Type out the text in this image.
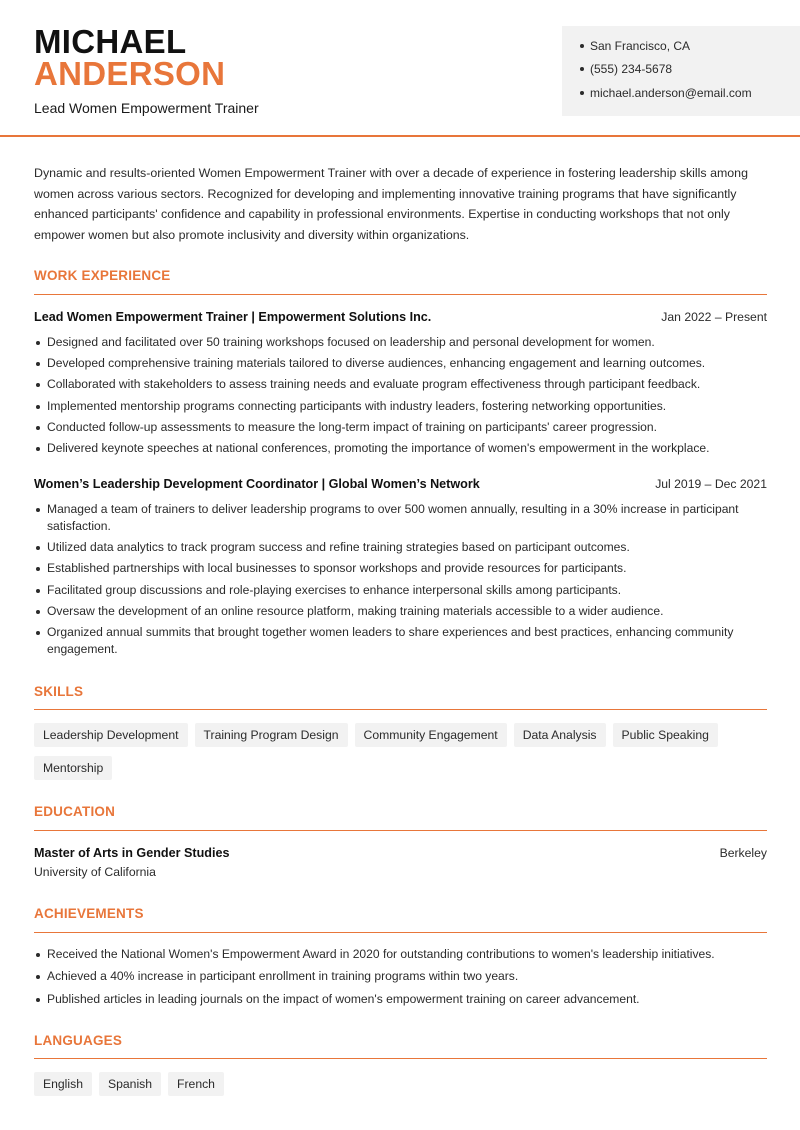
MICHAEL
ANDERSON
Lead Women Empowerment Trainer
San Francisco, CA
(555) 234-5678
michael.anderson@email.com

Dynamic and results-oriented Women Empowerment Trainer with over a decade of experience in fostering leadership skills among women across various sectors. Recognized for developing and implementing innovative training programs that have significantly enhanced participants' confidence and capability in professional environments. Expertise in conducting workshops that not only empower women but also promote inclusivity and diversity within organizations.

WORK EXPERIENCE
Lead Women Empowerment Trainer | Empowerment Solutions Inc.	Jan 2022 – Present
Designed and facilitated over 50 training workshops focused on leadership and personal development for women.
Developed comprehensive training materials tailored to diverse audiences, enhancing engagement and learning outcomes.
Collaborated with stakeholders to assess training needs and evaluate program effectiveness through participant feedback.
Implemented mentorship programs connecting participants with industry leaders, fostering networking opportunities.
Conducted follow-up assessments to measure the long-term impact of training on participants' career progression.
Delivered keynote speeches at national conferences, promoting the importance of women's empowerment in the workplace.
Women’s Leadership Development Coordinator | Global Women’s Network	Jul 2019 – Dec 2021
Managed a team of trainers to deliver leadership programs to over 500 women annually, resulting in a 30% increase in participant satisfaction.
Utilized data analytics to track program success and refine training strategies based on participant outcomes.
Established partnerships with local businesses to sponsor workshops and provide resources for participants.
Facilitated group discussions and role-playing exercises to enhance interpersonal skills among participants.
Oversaw the development of an online resource platform, making training materials accessible to a wider audience.
Organized annual summits that brought together women leaders to share experiences and best practices, enhancing community engagement.
SKILLS
Leadership Development	Training Program Design	Community Engagement	Data Analysis	Public Speaking
Mentorship
EDUCATION
Master of Arts in Gender Studies	Berkeley
University of California
ACHIEVEMENTS
Received the National Women's Empowerment Award in 2020 for outstanding contributions to women's leadership initiatives.
Achieved a 40% increase in participant enrollment in training programs within two years.
Published articles in leading journals on the impact of women's empowerment training on career advancement.
LANGUAGES
English	Spanish	French
